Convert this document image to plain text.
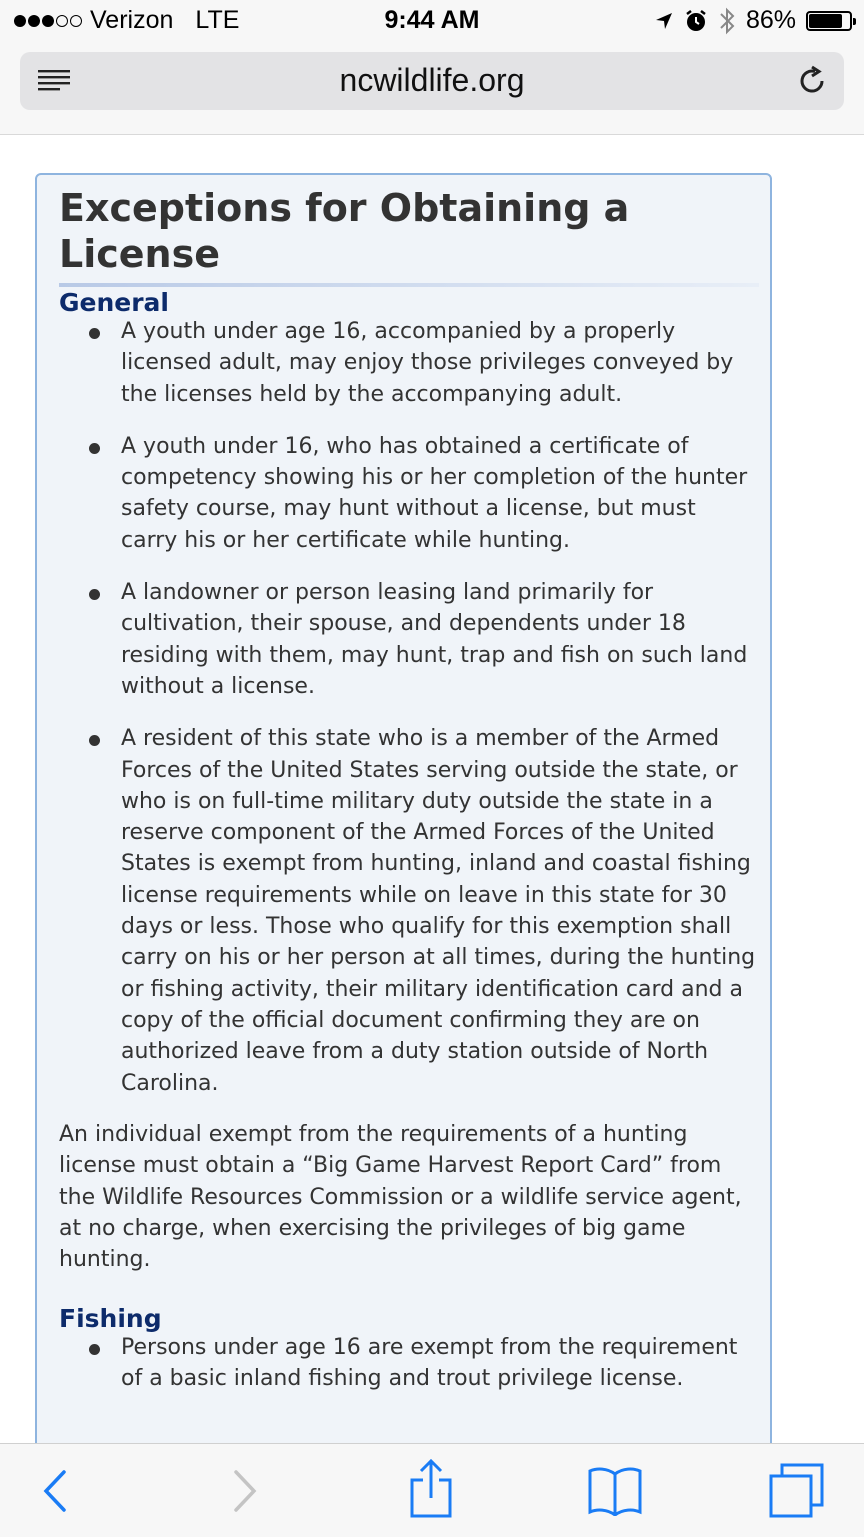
Verizon LTE	9:44 AM	86%
ncwildlife.org
Exceptions for Obtaining a License
General
A youth under age 16, accompanied by a properly licensed adult, may enjoy those privileges conveyed by the licenses held by the accompanying adult.
A youth under 16, who has obtained a certificate of competency showing his or her completion of the hunter safety course, may hunt without a license, but must carry his or her certificate while hunting.
A landowner or person leasing land primarily for cultivation, their spouse, and dependents under 18 residing with them, may hunt, trap and fish on such land without a license.
A resident of this state who is a member of the Armed Forces of the United States serving outside the state, or who is on full-time military duty outside the state in a reserve component of the Armed Forces of the United States is exempt from hunting, inland and coastal fishing license requirements while on leave in this state for 30 days or less. Those who qualify for this exemption shall carry on his or her person at all times, during the hunting or fishing activity, their military identification card and a copy of the official document confirming they are on authorized leave from a duty station outside of North Carolina.

An individual exempt from the requirements of a hunting license must obtain a “Big Game Harvest Report Card” from the Wildlife Resources Commission or a wildlife service agent, at no charge, when exercising the privileges of big game hunting.

Fishing
Persons under age 16 are exempt from the requirement of a basic inland fishing and trout privilege license.
